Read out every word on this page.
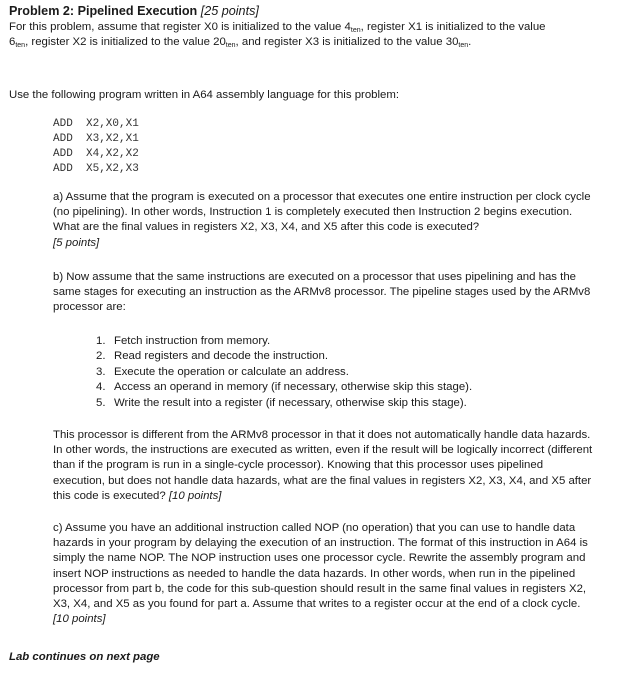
Problem 2: Pipelined Execution [25 points]

For this problem, assume that register X0 is initialized to the value $4_{ten}$, register X1 is initialized to the value
$6_{ten}$, register X2 is initialized to the value $20_{ten}$, and register X3 is initialized to the value $30_{ten}$.

Use the following program written in A64 assembly language for this problem:
ADD  X2,X0,X1
ADD  X3,X2,X1
ADD  X4,X2,X2
ADD  X5,X2,X3

a) Assume that the program is executed on a processor that executes one entire instruction per clock cycle (no pipelining). In other words, Instruction 1 is completely executed then Instruction 2 begins execution. What are the final values in registers X2, X3, X4, and X5 after this code is executed?
[5 points]

b) Now assume that the same instructions are executed on a processor that uses pipelining and has the same stages for executing an instruction as the ARMv8 processor. The pipeline stages used by the ARMv8 processor are:

1. Fetch instruction from memory.
2. Read registers and decode the instruction.
3. Execute the operation or calculate an address.
4. Access an operand in memory (if necessary, otherwise skip this stage).
5. Write the result into a register (if necessary, otherwise skip this stage).

This processor is different from the ARMv8 processor in that it does not automatically handle data hazards. In other words, the instructions are executed as written, even if the result will be logically incorrect (different than if the program is run in a single-cycle processor). Knowing that this processor uses pipelined execution, but does not handle data hazards, what are the final values in registers X2, X3, X4, and X5 after this code is executed? [10 points]

c) Assume you have an additional instruction called NOP (no operation) that you can use to handle data hazards in your program by delaying the execution of an instruction. The format of this instruction in A64 is simply the name NOP. The NOP instruction uses one processor cycle. Rewrite the assembly program and insert NOP instructions as needed to handle the data hazards. In other words, when run in the pipelined processor from part b, the code for this sub-question should result in the same final values in registers X2, X3, X4, and X5 as you found for part a. Assume that writes to a register occur at the end of a clock cycle. [10 points]

Lab continues on next page
